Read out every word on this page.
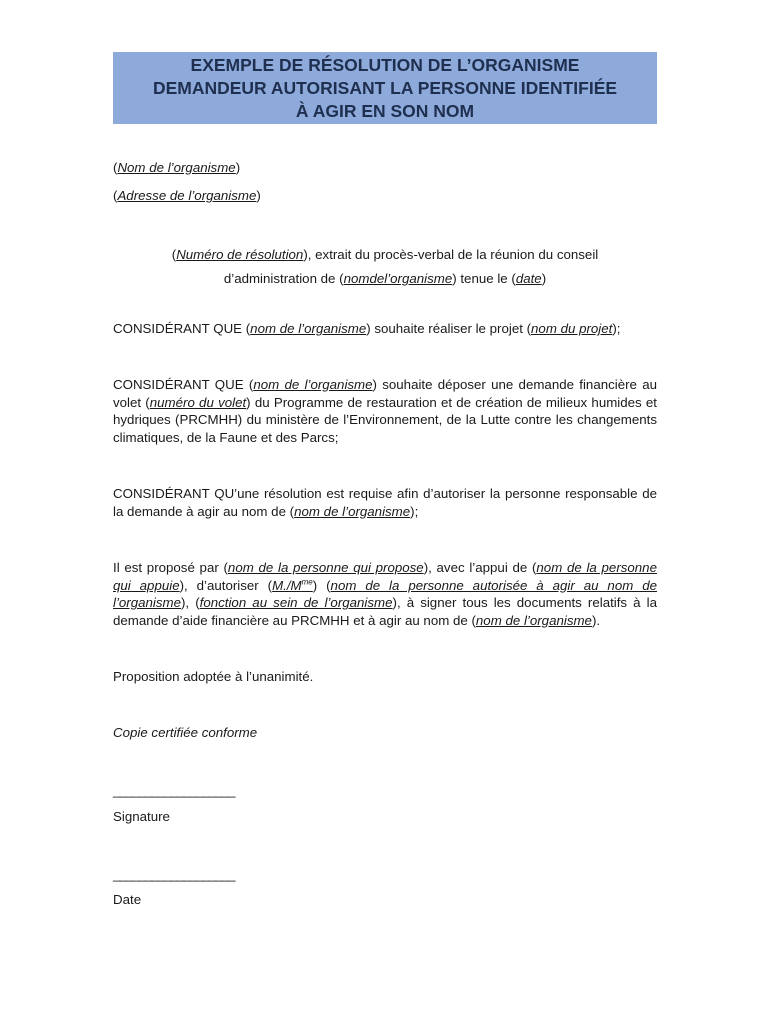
EXEMPLE DE RÉSOLUTION DE L’ORGANISME
DEMANDEUR AUTORISANT LA PERSONNE IDENTIFIÉE
À AGIR EN SON NOM

(Nom de l’organisme)

(Adresse de l’organisme)

(Numéro de résolution), extrait du procès-verbal de la réunion du conseil
d’administration de (nomdel’organisme) tenue le (date)

CONSIDÉRANT QUE (nom de l’organisme) souhaite réaliser le projet (nom du projet);

CONSIDÉRANT QUE (nom de l’organisme) souhaite déposer une demande financière au volet (numéro du volet) du Programme de restauration et de création de milieux humides et hydriques (PRCMHH) du ministère de l’Environnement, de la Lutte contre les changements climatiques, de la Faune et des Parcs;

CONSIDÉRANT QU’une résolution est requise afin d’autoriser la personne responsable de la demande à agir au nom de (nom de l’organisme);

Il est proposé par (nom de la personne qui propose), avec l’appui de (nom de la personne qui appuie), d’autoriser $(M./M^{me})$ (nom de la personne autorisée à agir au nom de l’organisme), (fonction au sein de l’organisme), à signer tous les documents relatifs à la demande d’aide financière au PRCMHH et à agir au nom de (nom de l’organisme).

Proposition adoptée à l’unanimité.

Copie certifiée conforme

___________________

Signature

___________________

Date
